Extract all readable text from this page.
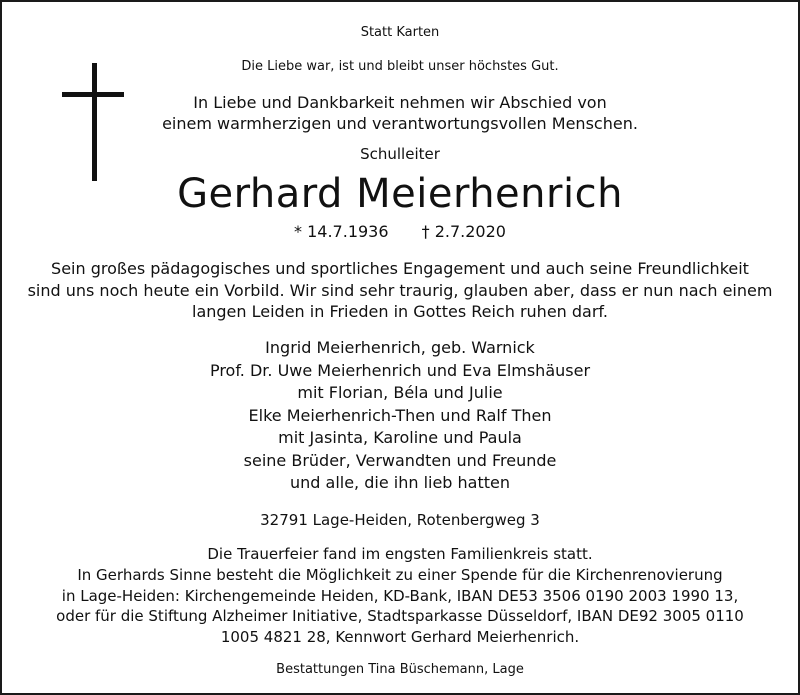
Statt Karten
Die Liebe war, ist und bleibt unser höchstes Gut.
In Liebe und Dankbarkeit nehmen wir Abschied von
einem warmherzigen und verantwortungsvollen Menschen.
Schulleiter
Gerhard Meierhenrich
* 14.7.1936 † 2.7.2020
Sein großes pädagogisches und sportliches Engagement und auch seine Freundlichkeit
sind uns noch heute ein Vorbild. Wir sind sehr traurig, glauben aber, dass er nun nach einem
langen Leiden in Frieden in Gottes Reich ruhen darf.
Ingrid Meierhenrich, geb. Warnick
Prof. Dr. Uwe Meierhenrich und Eva Elmshäuser
mit Florian, Béla und Julie
Elke Meierhenrich-Then und Ralf Then
mit Jasinta, Karoline und Paula
seine Brüder, Verwandten und Freunde
und alle, die ihn lieb hatten
32791 Lage-Heiden, Rotenbergweg 3
Die Trauerfeier fand im engsten Familienkreis statt.
In Gerhards Sinne besteht die Möglichkeit zu einer Spende für die Kirchenrenovierung
in Lage-Heiden: Kirchengemeinde Heiden, KD-Bank, IBAN DE53 3506 0190 2003 1990 13,
oder für die Stiftung Alzheimer Initiative, Stadtsparkasse Düsseldorf, IBAN DE92 3005 0110
1005 4821 28, Kennwort Gerhard Meierhenrich.
Bestattungen Tina Büschemann, Lage
